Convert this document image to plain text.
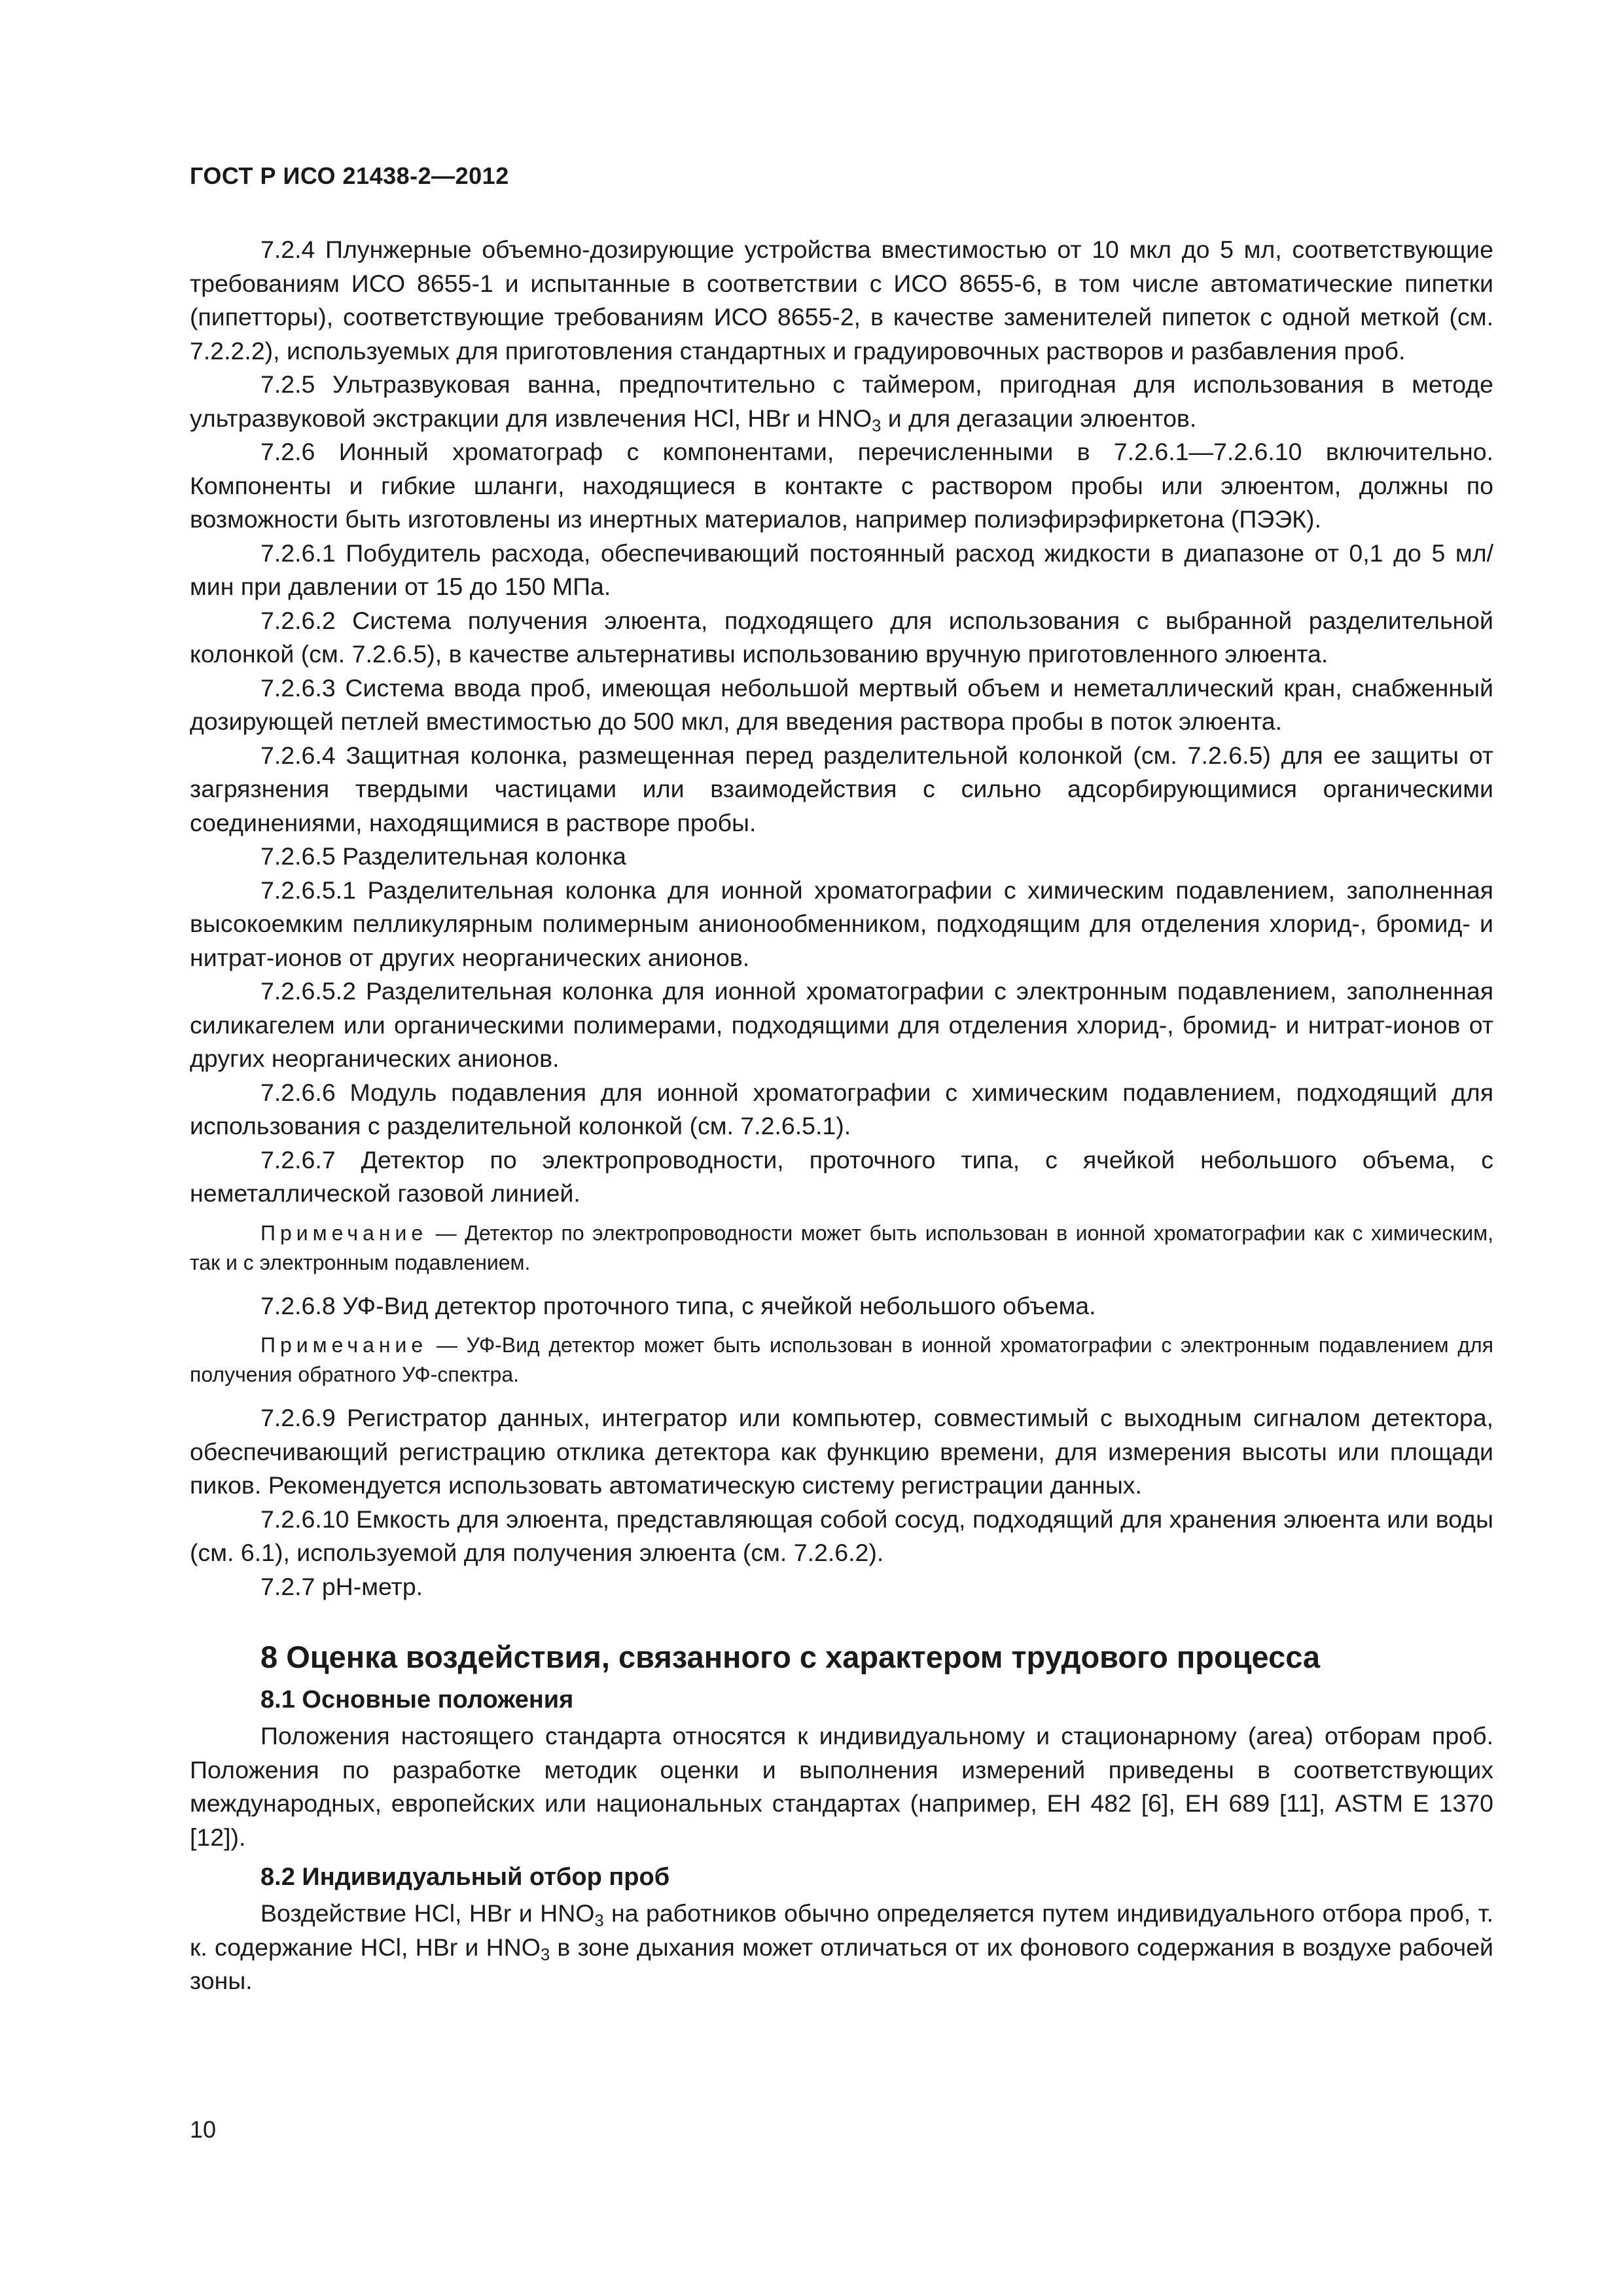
ГОСТ Р ИСО 21438-2—2012

7.2.4 Плунжерные объемно-дозирующие устройства вместимостью от 10 мкл до 5 мл, соответствующие требованиям ИСО 8655-1 и испытанные в соответствии с ИСО 8655-6, в том числе автоматические пипетки (пипетторы), соответствующие требованиям ИСО 8655-2, в качестве заменителей пипеток с одной меткой (см. 7.2.2.2), используемых для приготовления стандартных и градуировочных растворов и разбавления проб.

7.2.5 Ультразвуковая ванна, предпочтительно с таймером, пригодная для использования в методе ультразвуковой экстракции для извлечения HCl, HBr и $HNO_3$ и для дегазации элюентов.

7.2.6 Ионный хроматограф с компонентами, перечисленными в 7.2.6.1—7.2.6.10 включительно. Компоненты и гибкие шланги, находящиеся в контакте с раствором пробы или элюентом, должны по возможности быть изготовлены из инертных материалов, например полиэфирэфиркетона (ПЭЭК).

7.2.6.1 Побудитель расхода, обеспечивающий постоянный расход жидкости в диапазоне от 0,1 до 5 мл/мин при давлении от 15 до 150 МПа.

7.2.6.2 Система получения элюента, подходящего для использования с выбранной разделительной колонкой (см. 7.2.6.5), в качестве альтернативы использованию вручную приготовленного элюента.

7.2.6.3 Система ввода проб, имеющая небольшой мертвый объем и неметаллический кран, снабженный дозирующей петлей вместимостью до 500 мкл, для введения раствора пробы в поток элюента.

7.2.6.4 Защитная колонка, размещенная перед разделительной колонкой (см. 7.2.6.5) для ее защиты от загрязнения твердыми частицами или взаимодействия с сильно адсорбирующимися органическими соединениями, находящимися в растворе пробы.

7.2.6.5 Разделительная колонка

7.2.6.5.1 Разделительная колонка для ионной хроматографии с химическим подавлением, заполненная высокоемким пелликулярным полимерным анионообменником, подходящим для отделения хлорид-, бромид- и нитрат-ионов от других неорганических анионов.

7.2.6.5.2 Разделительная колонка для ионной хроматографии с электронным подавлением, заполненная силикагелем или органическими полимерами, подходящими для отделения хлорид-, бромид- и нитрат-ионов от других неорганических анионов.

7.2.6.6 Модуль подавления для ионной хроматографии с химическим подавлением, подходящий для использования с разделительной колонкой (см. 7.2.6.5.1).

7.2.6.7 Детектор по электропроводности, проточного типа, с ячейкой небольшого объема, с неметаллической газовой линией.

Примечание — Детектор по электропроводности может быть использован в ионной хроматографии как с химическим, так и с электронным подавлением.

7.2.6.8 УФ-Вид детектор проточного типа, с ячейкой небольшого объема.

Примечание — УФ-Вид детектор может быть использован в ионной хроматографии с электронным подавлением для получения обратного УФ-спектра.

7.2.6.9 Регистратор данных, интегратор или компьютер, совместимый с выходным сигналом детектора, обеспечивающий регистрацию отклика детектора как функцию времени, для измерения высоты или площади пиков. Рекомендуется использовать автоматическую систему регистрации данных.

7.2.6.10 Емкость для элюента, представляющая собой сосуд, подходящий для хранения элюента или воды (см. 6.1), используемой для получения элюента (см. 7.2.6.2).

7.2.7 pH-метр.

8 Оценка воздействия, связанного с характером трудового процесса
8.1 Основные положения

Положения настоящего стандарта относятся к индивидуальному и стационарному (area) отборам проб. Положения по разработке методик оценки и выполнения измерений приведены в соответствующих международных, европейских или национальных стандартах (например, ЕН 482 [6], ЕН 689 [11], ASTM E 1370 [12]).

8.2 Индивидуальный отбор проб

Воздействие HCl, HBr и $HNO_3$ на работников обычно определяется путем индивидуального отбора проб, т. к. содержание HCl, HBr и $HNO_3$ в зоне дыхания может отличаться от их фонового содержания в воздухе рабочей зоны.

10
